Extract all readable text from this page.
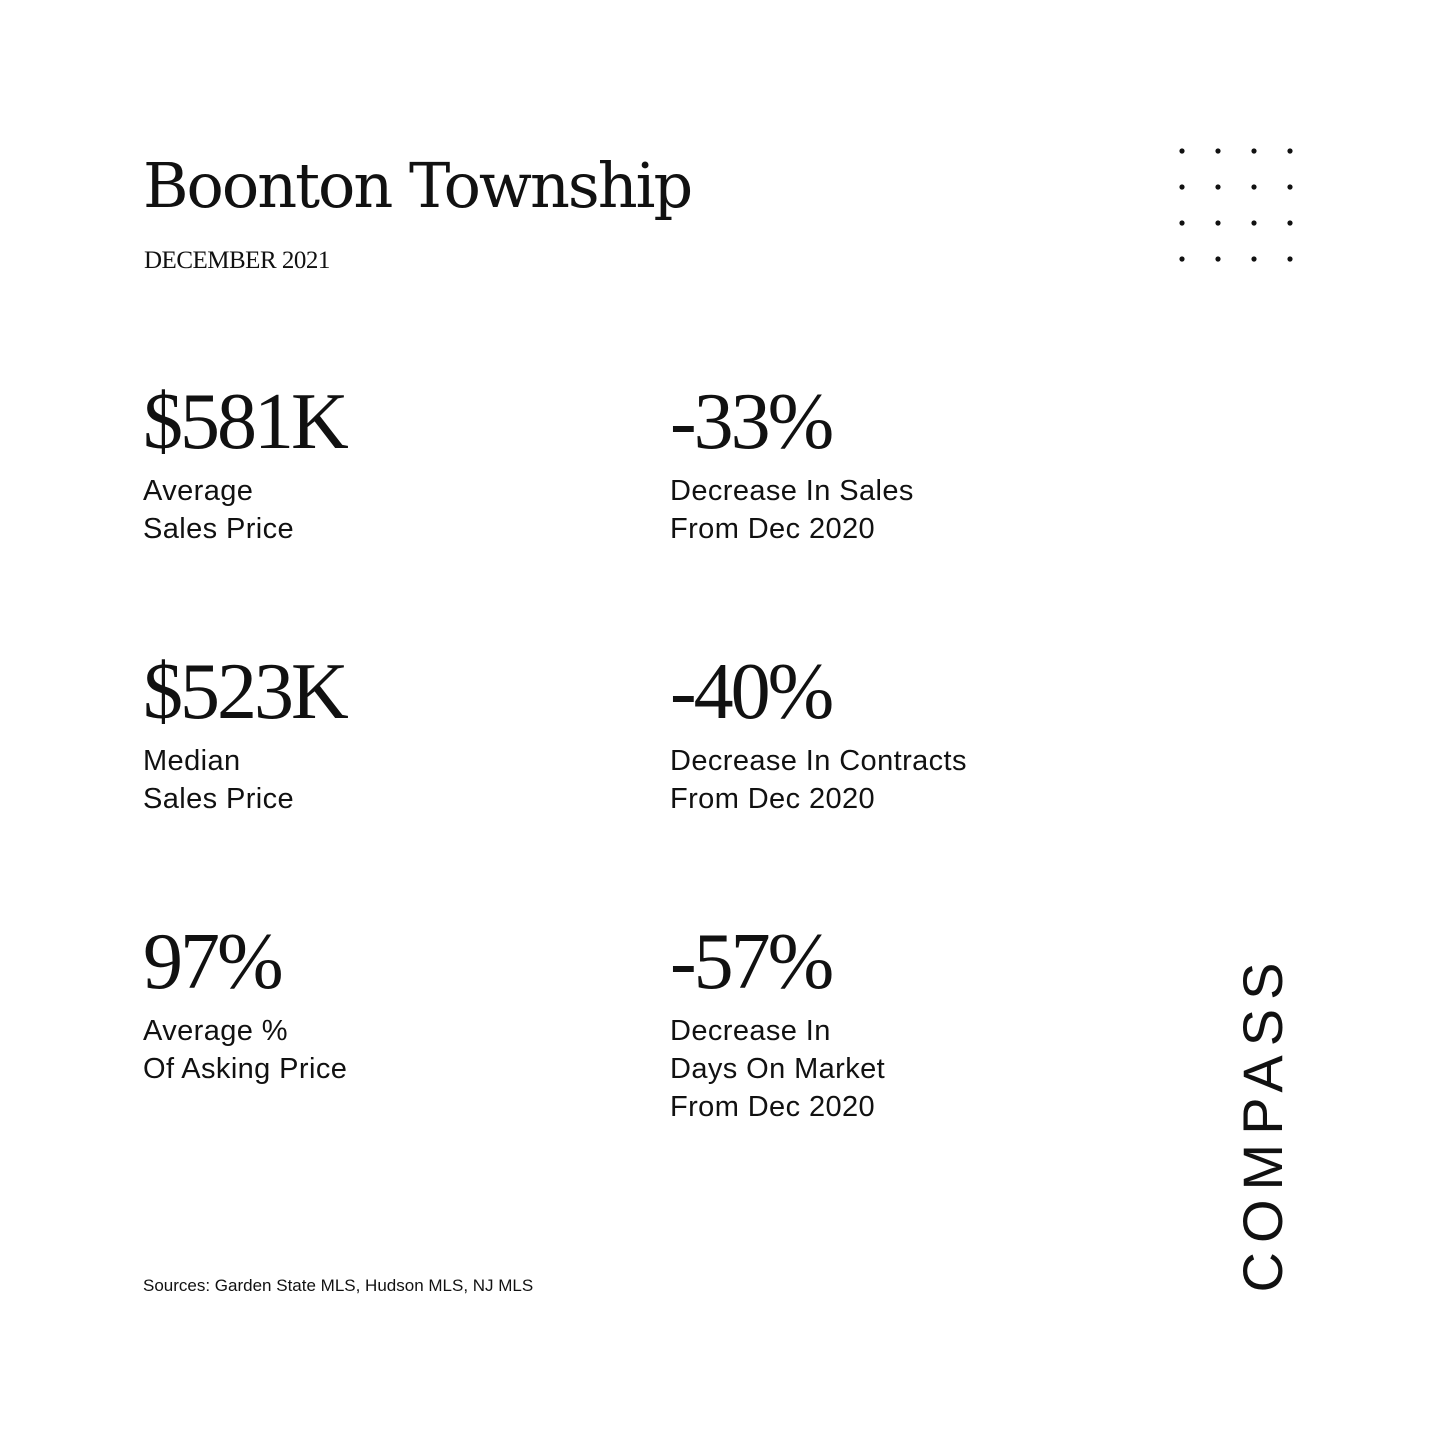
Boonton Township
DECEMBER 2021
$581K
Average
Sales Price
-33%
Decrease In Sales
From Dec 2020
$523K
Median
Sales Price
-40%
Decrease In Contracts
From Dec 2020
97%
Average %
Of Asking Price
-57%
Decrease In
Days On Market
From Dec 2020
Sources: Garden State MLS, Hudson MLS, NJ MLS	COMPASS
